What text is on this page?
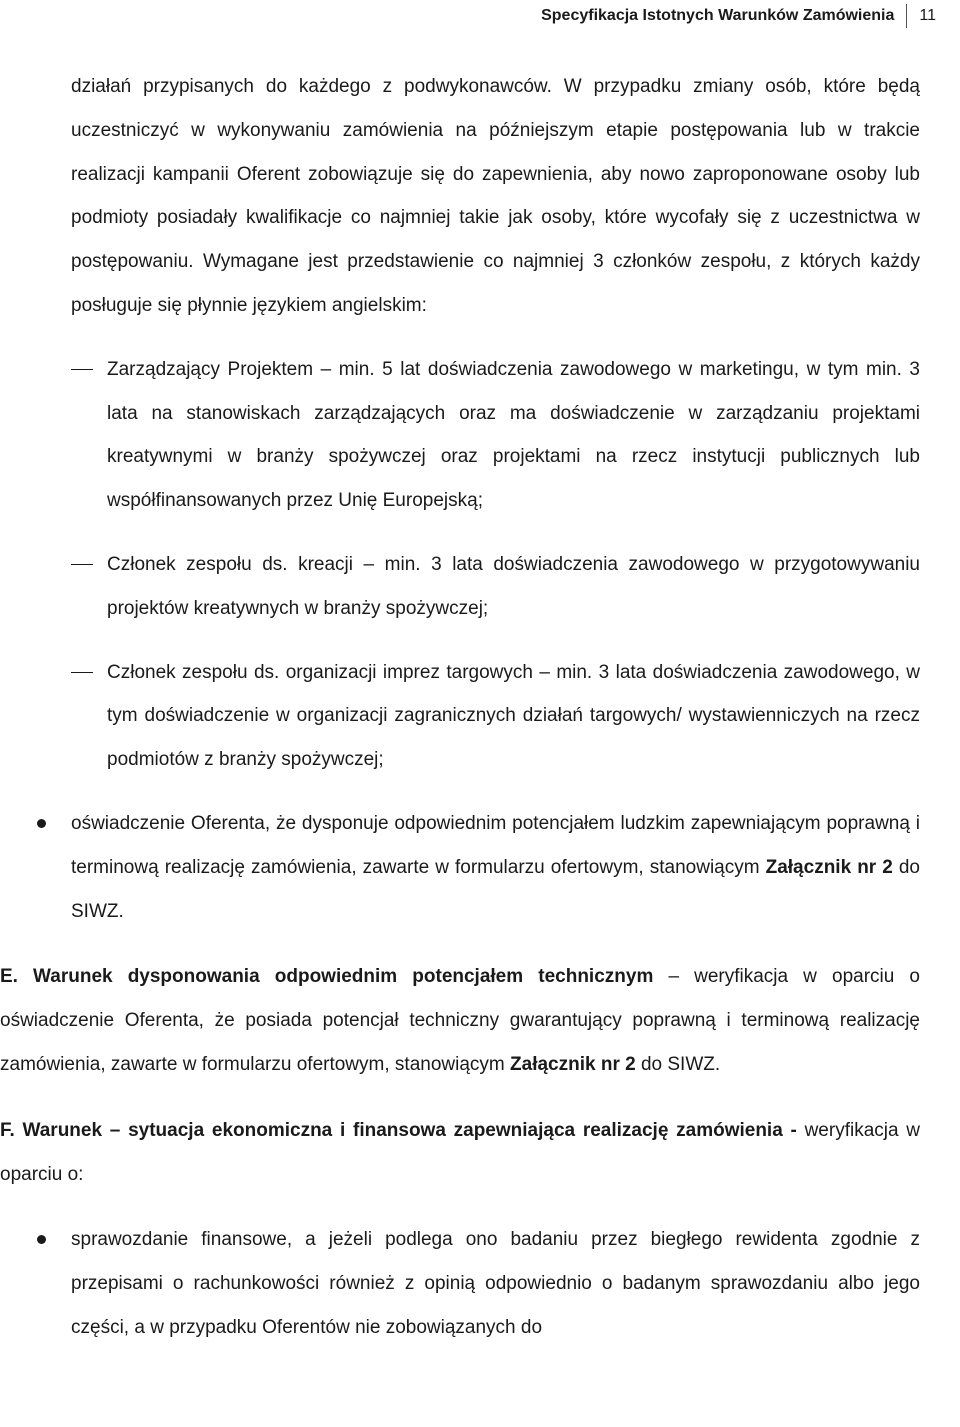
Specyfikacja Istotnych Warunków Zamówienia	11

działań przypisanych do każdego z podwykonawców. W przypadku zmiany osób, które będą uczestniczyć w wykonywaniu zamówienia na późniejszym etapie postępowania lub w trakcie realizacji kampanii Oferent zobowiązuje się do zapewnienia, aby nowo zaproponowane osoby lub podmioty posiadały kwalifikacje co najmniej takie jak osoby, które wycofały się z uczestnictwa w postępowaniu. Wymagane jest przedstawienie co najmniej 3 członków zespołu, z których każdy posługuje się płynnie językiem angielskim:

Zarządzający Projektem – min. 5 lat doświadczenia zawodowego w marketingu, w tym min. 3 lata na stanowiskach zarządzających oraz ma doświadczenie w zarządzaniu projektami kreatywnymi w branży spożywczej oraz projektami na rzecz instytucji publicznych lub współfinansowanych przez Unię Europejską;
Członek zespołu ds. kreacji – min. 3 lata doświadczenia zawodowego w przygotowywaniu projektów kreatywnych w branży spożywczej;
Członek zespołu ds. organizacji imprez targowych – min. 3 lata doświadczenia zawodowego, w tym doświadczenie w organizacji zagranicznych działań targowych/ wystawienniczych na rzecz podmiotów z branży spożywczej;
oświadczenie Oferenta, że dysponuje odpowiednim potencjałem ludzkim zapewniającym poprawną i terminową realizację zamówienia, zawarte w formularzu ofertowym, stanowiącym Załącznik nr 2 do SIWZ.

E. Warunek dysponowania odpowiednim potencjałem technicznym – weryfikacja w oparciu o oświadczenie Oferenta, że posiada potencjał techniczny gwarantujący poprawną i terminową realizację zamówienia, zawarte w formularzu ofertowym, stanowiącym Załącznik nr 2 do SIWZ.

F. Warunek – sytuacja ekonomiczna i finansowa zapewniająca realizację zamówienia - weryfikacja w oparciu o:

sprawozdanie finansowe, a jeżeli podlega ono badaniu przez biegłego rewidenta zgodnie z przepisami o rachunkowości również z opinią odpowiednio o badanym sprawozdaniu albo jego części, a w przypadku Oferentów nie zobowiązanych do
